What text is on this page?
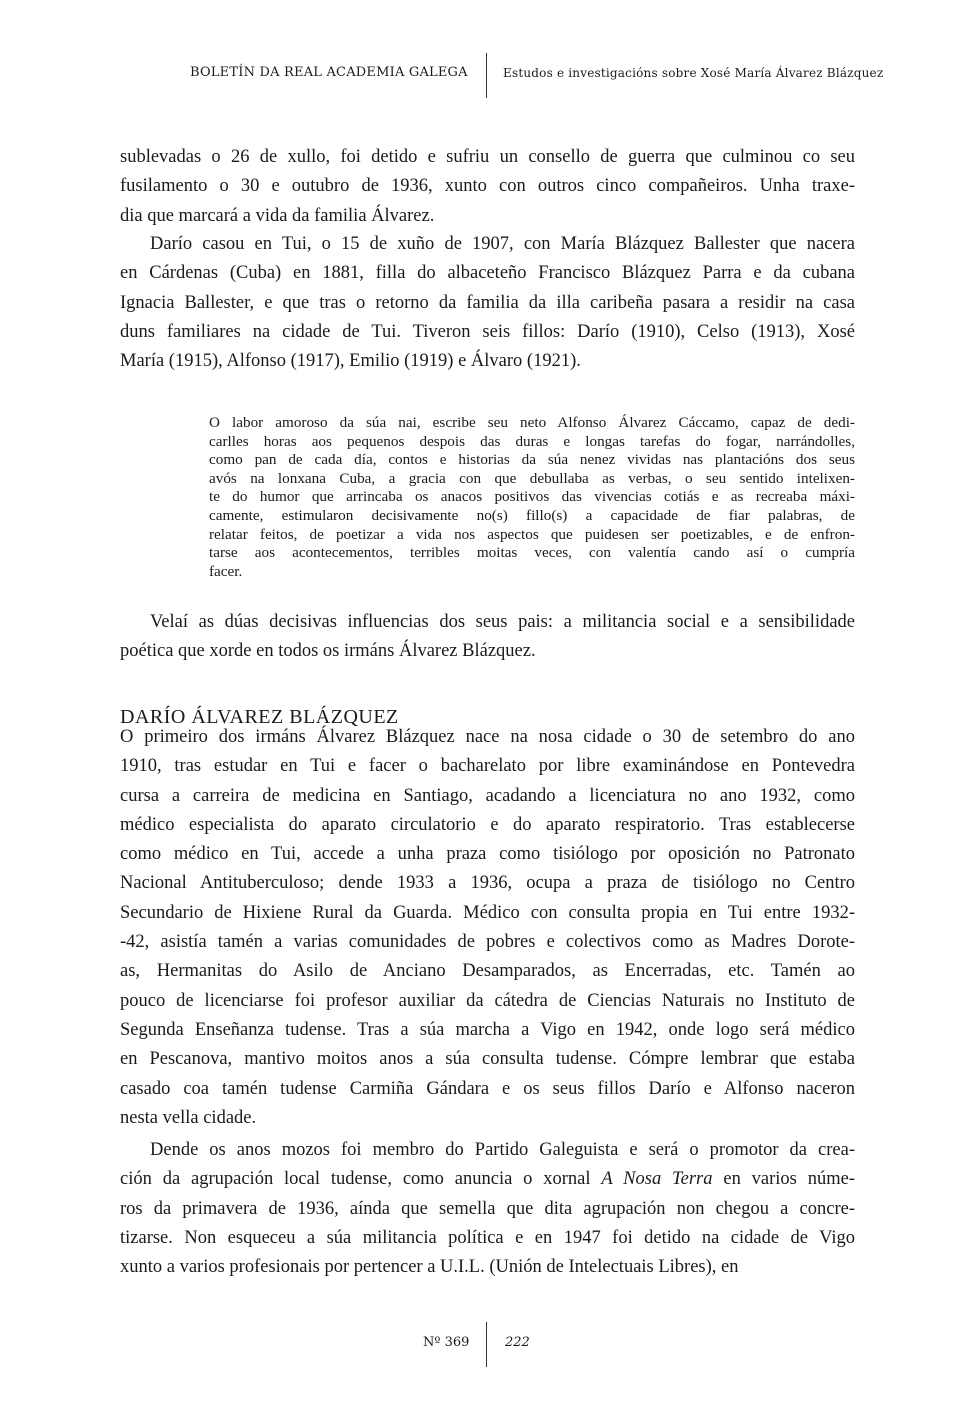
BOLETÍN DA REAL ACADEMIA GALEGA	Estudos e investigacións sobre Xosé María Álvarez Blázquez
sublevadas o 26 de xullo, foi detido e sufriu un consello de guerra que culminou co seu
fusilamento o 30 e outubro de 1936, xunto con outros cinco compañeiros. Unha traxe-
dia que marcará a vida da familia Álvarez.
Darío casou en Tui, o 15 de xuño de 1907, con María Blázquez Ballester que nacera
en Cárdenas (Cuba) en 1881, filla do albaceteño Francisco Blázquez Parra e da cubana
Ignacia Ballester, e que tras o retorno da familia da illa caribeña pasara a residir na casa
duns familiares na cidade de Tui. Tiveron seis fillos: Darío (1910), Celso (1913), Xosé
María (1915), Alfonso (1917), Emilio (1919) e Álvaro (1921).
O labor amoroso da súa nai, escribe seu neto Alfonso Álvarez Cáccamo, capaz de dedi-
carlles horas aos pequenos despois das duras e longas tarefas do fogar, narrándolles,
como pan de cada día, contos e historias da súa nenez vividas nas plantacións dos seus
avós na lonxana Cuba, a gracia con que debullaba as verbas, o seu sentido intelixen-
te do humor que arrincaba os anacos positivos das vivencias cotiás e as recreaba máxi-
camente, estimularon decisivamente no(s) fillo(s) a capacidade de fiar palabras, de
relatar feitos, de poetizar a vida nos aspectos que puidesen ser poetizables, e de enfron-
tarse aos acontecementos, terribles moitas veces, con valentía cando así o cumpría
facer.
Velaí as dúas decisivas influencias dos seus pais: a militancia social e a sensibilidade
poética que xorde en todos os irmáns Álvarez Blázquez.
DARÍO ÁLVAREZ BLÁZQUEZ
O primeiro dos irmáns Álvarez Blázquez nace na nosa cidade o 30 de setembro do ano
1910, tras estudar en Tui e facer o bacharelato por libre examinándose en Pontevedra
cursa a carreira de medicina en Santiago, acadando a licenciatura no ano 1932, como
médico especialista do aparato circulatorio e do aparato respiratorio. Tras establecerse
como médico en Tui, accede a unha praza como tisiólogo por oposición no Patronato
Nacional Antituberculoso; dende 1933 a 1936, ocupa a praza de tisiólogo no Centro
Secundario de Hixiene Rural da Guarda. Médico con consulta propia en Tui entre 1932-
-42, asistía tamén a varias comunidades de pobres e colectivos como as Madres Dorote-
as, Hermanitas do Asilo de Anciano Desamparados, as Encerradas, etc. Tamén ao
pouco de licenciarse foi profesor auxiliar da cátedra de Ciencias Naturais no Instituto de
Segunda Enseñanza tudense. Tras a súa marcha a Vigo en 1942, onde logo será médico
en Pescanova, mantivo moitos anos a súa consulta tudense. Cómpre lembrar que estaba
casado coa tamén tudense Carmiña Gándara e os seus fillos Darío e Alfonso naceron
nesta vella cidade.
Dende os anos mozos foi membro do Partido Galeguista e será o promotor da crea-
ción da agrupación local tudense, como anuncia o xornal A Nosa Terra en varios núme-
ros da primavera de 1936, aínda que semella que dita agrupación non chegou a concre-
tizarse. Non esqueceu a súa militancia política e en 1947 foi detido na cidade de Vigo
xunto a varios profesionais por pertencer a U.I.L. (Unión de Intelectuais Libres), en
Nº 369	222
